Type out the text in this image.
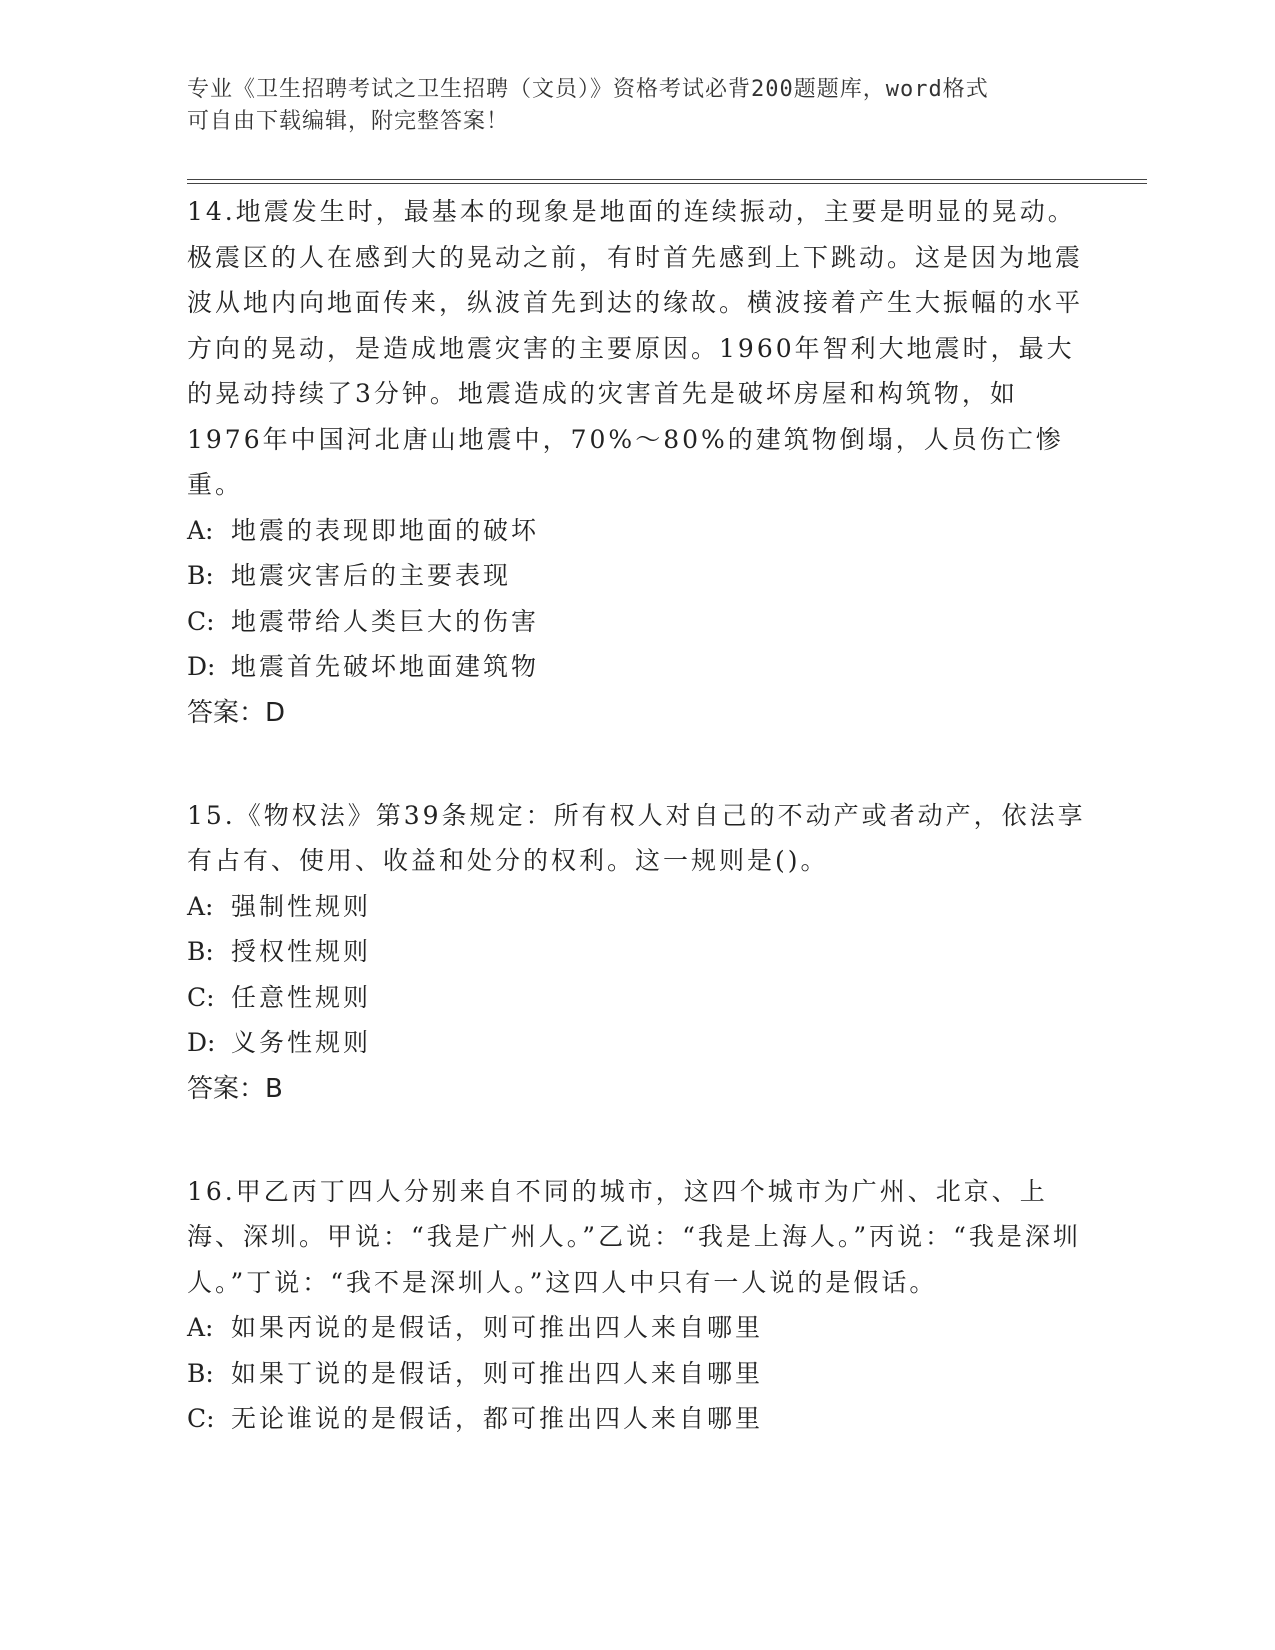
专业《卫生招聘考试之卫生招聘（文员）》资格考试必背200题题库，word格式
可自由下载编辑，附完整答案！

14.地震发生时，最基本的现象是地面的连续振动，主要是明显的晃动。极震区的人在感到大的晃动之前，有时首先感到上下跳动。这是因为地震波从地内向地面传来，纵波首先到达的缘故。横波接着产生大振幅的水平方向的晃动，是造成地震灾害的主要原因。1960年智利大地震时，最大的晃动持续了3分钟。地震造成的灾害首先是破坏房屋和构筑物，如1976年中国河北唐山地震中，70%～80%的建筑物倒塌，人员伤亡惨重。

A: 地震的表现即地面的破坏

B: 地震灾害后的主要表现

C: 地震带给人类巨大的伤害

D: 地震首先破坏地面建筑物

答案：D

15.《物权法》第39条规定：所有权人对自己的不动产或者动产，依法享有占有、使用、收益和处分的权利。这一规则是()。

A: 强制性规则

B: 授权性规则

C: 任意性规则

D: 义务性规则

答案：B

16.甲乙丙丁四人分别来自不同的城市，这四个城市为广州、北京、上海、深圳。甲说：“我是广州人。”乙说：“我是上海人。”丙说：“我是深圳人。”丁说：“我不是深圳人。”这四人中只有一人说的是假话。

A: 如果丙说的是假话，则可推出四人来自哪里

B: 如果丁说的是假话，则可推出四人来自哪里

C: 无论谁说的是假话，都可推出四人来自哪里
